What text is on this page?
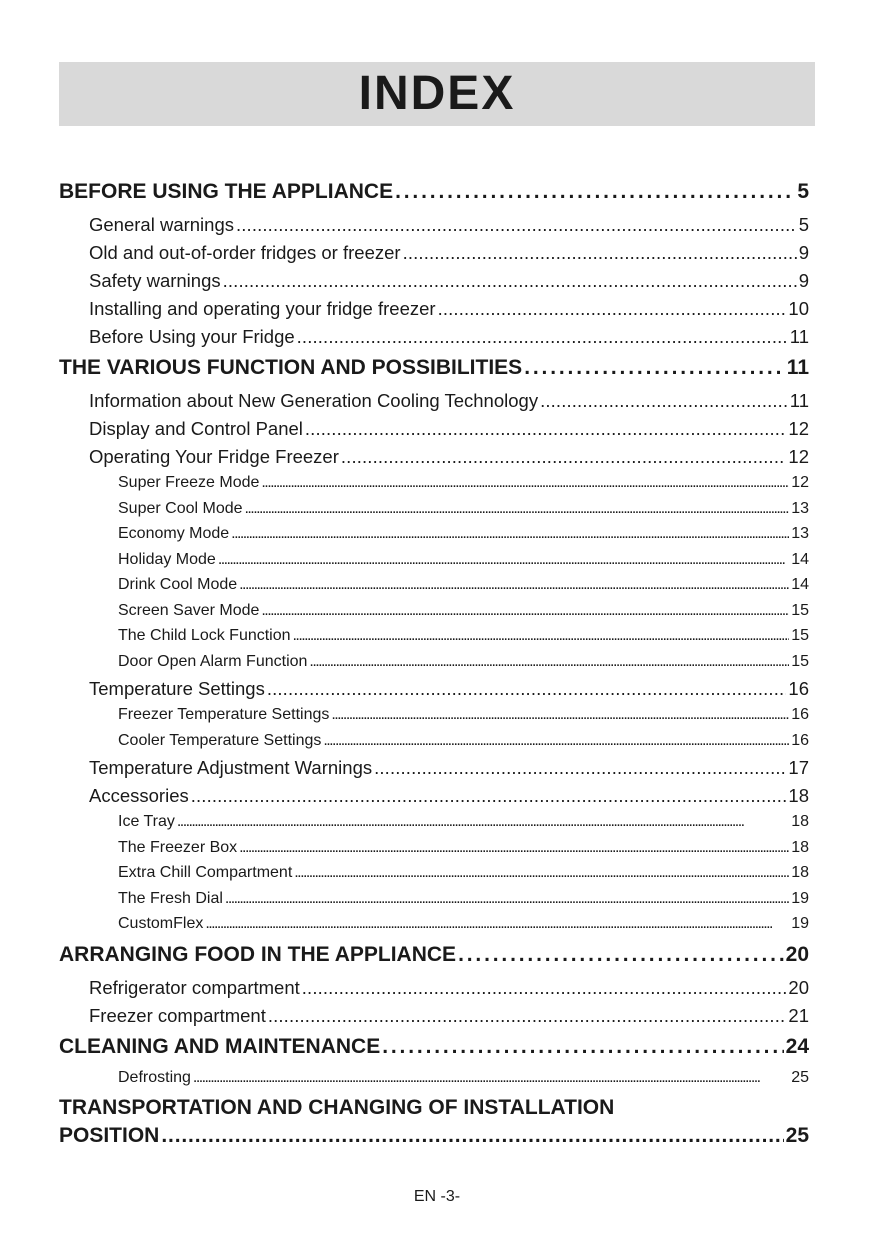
INDEX
BEFORE USING THE APPLIANCE . . .	5
General warnings . . .	5
Old and out-of-order fridges or freezer . . .	9
Safety warnings . . .	9
Installing and operating your fridge freezer . . .	10
Before Using your Fridge . . .	11
THE VARIOUS FUNCTION AND POSSIBILITIES . . .	11
Information about New Generation Cooling Technology . . .	11
Display and Control Panel . . .	12
Operating Your Fridge Freezer . . .	12
Super Freeze Mode . . .	12
Super Cool Mode . . .	13
Economy Mode . . .	13
Holiday Mode . . .	14
Drink Cool Mode . . .	14
Screen Saver Mode . . .	15
The Child Lock Function . . .	15
Door Open Alarm Function . . .	15
Temperature Settings . . .	16
Freezer Temperature Settings . . .	16
Cooler Temperature Settings . . .	16
Temperature Adjustment Warnings . . .	17
Accessories . . .	18
Ice Tray . . .	18
The Freezer Box . . .	18
Extra Chill Compartment . . .	18
The Fresh Dial . . .	19
CustomFlex . . .	19
ARRANGING FOOD IN THE APPLIANCE . . .	20
Refrigerator compartment . . .	20
Freezer compartment . . .	21
CLEANING AND MAINTENANCE . . .	24
Defrosting . . .	25
TRANSPORTATION AND CHANGING OF INSTALLATION
POSITION . . .	25
EN -3-
